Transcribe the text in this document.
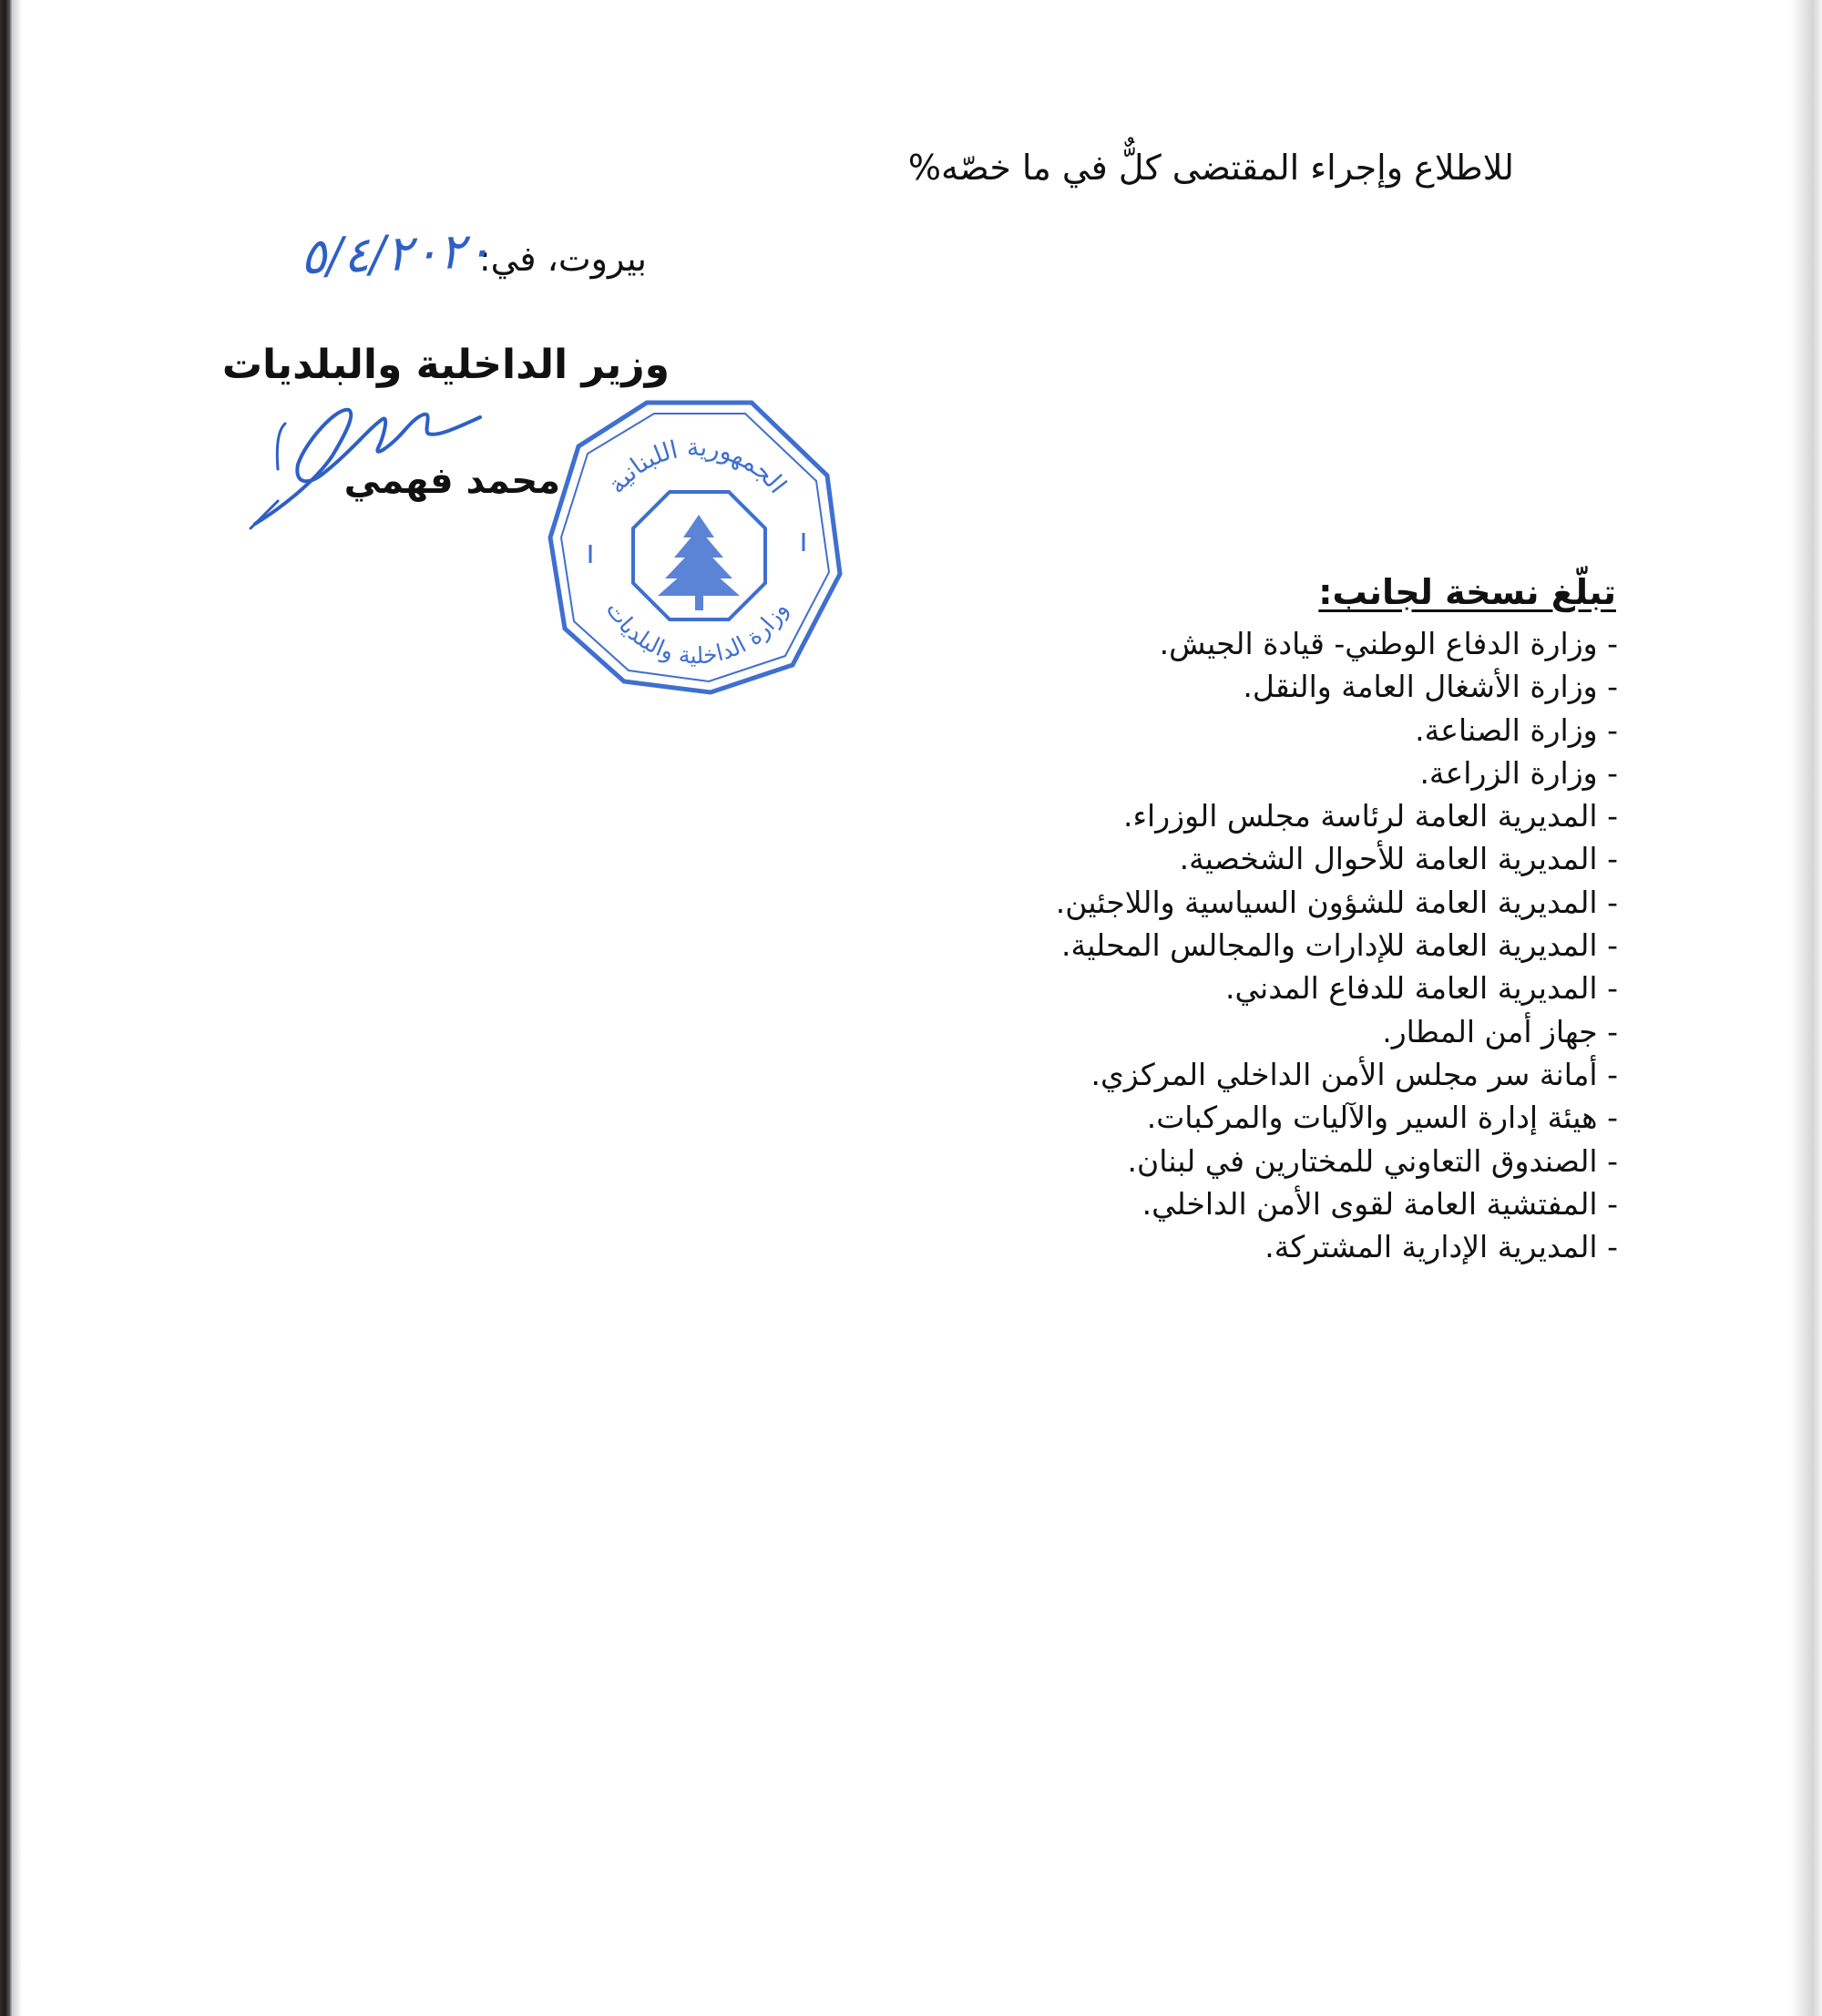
للاطلاع وإجراء المقتضى كلٌّ في ما خصّه%
بيروت، في:
٥/٤/٢٠٢٠
وزير الداخلية والبلديات
الجمهورية اللبنانية
وزارة الداخلية والبلديات
محمد فهمي
تبلّغ نسخة لجانب:
- وزارة الدفاع الوطني- قيادة الجيش.
- وزارة الأشغال العامة والنقل.
- وزارة الصناعة.
- وزارة الزراعة.
- المديرية العامة لرئاسة مجلس الوزراء.
- المديرية العامة للأحوال الشخصية.
- المديرية العامة للشؤون السياسية واللاجئين.
- المديرية العامة للإدارات والمجالس المحلية.
- المديرية العامة للدفاع المدني.
- جهاز أمن المطار.
- أمانة سر مجلس الأمن الداخلي المركزي.
- هيئة إدارة السير والآليات والمركبات.
- الصندوق التعاوني للمختارين في لبنان.
- المفتشية العامة لقوى الأمن الداخلي.
- المديرية الإدارية المشتركة.
